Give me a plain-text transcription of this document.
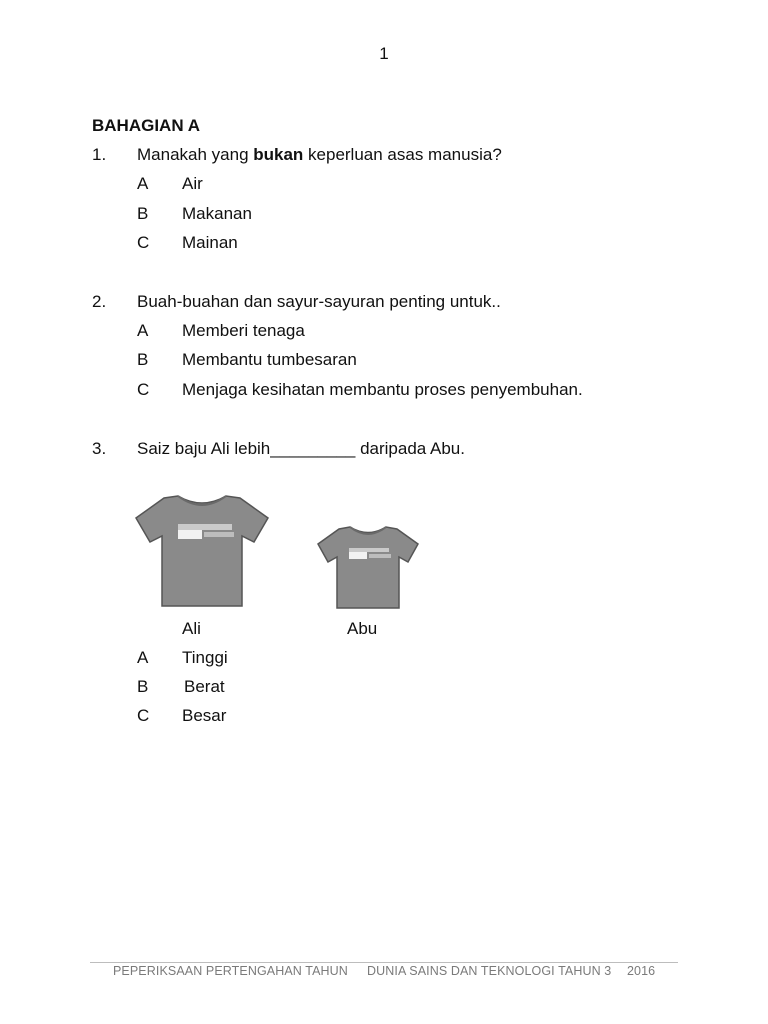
1
BAHAGIAN A
1. Manakah yang bukan keperluan asas manusia?
A Air
B Makanan
C Mainan
2. Buah-buahan dan sayur-sayuran penting untuk..
A Memberi tenaga
B Membantu tumbesaran
C Menjaga kesihatan membantu proses penyembuhan.
3. Saiz baju Ali lebih_________ daripada Abu.
Ali	Abu
A Tinggi
B Berat
C Besar
PEPERIKSAAN PERTENGAHAN TAHUN DUNIA SAINS DAN TEKNOLOGI TAHUN 3 2016
